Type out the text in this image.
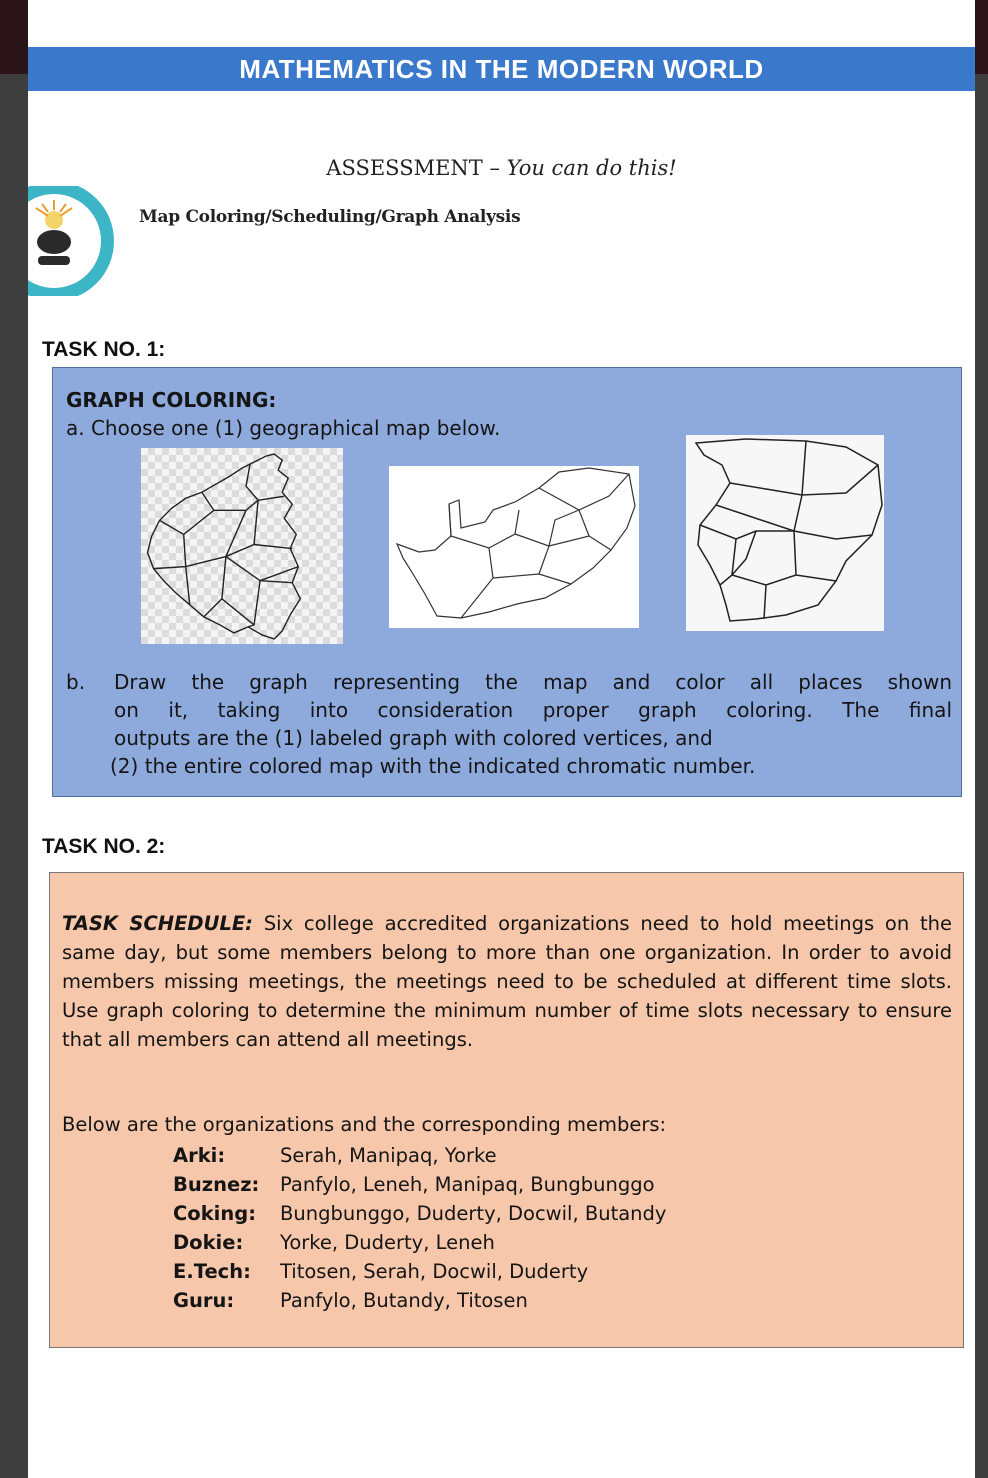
MATHEMATICS IN THE MODERN WORLD
ASSESSMENT – You can do this!
Map Coloring/Scheduling/Graph Analysis
TASK NO. 1:
GRAPH COLORING:
a. Choose one (1) geographical map below.
b. Draw the graph representing the map and color all places shown
on it, taking into consideration proper graph coloring. The final
outputs are the (1) labeled graph with colored vertices, and
(2) the entire colored map with the indicated chromatic number.
TASK NO. 2:
TASK SCHEDULE: Six college accredited organizations need to hold meetings on the same day, but some members belong to more than one organization. In order to avoid members missing meetings, the meetings need to be scheduled at different time slots. Use graph coloring to determine the minimum number of time slots necessary to ensure that all members can attend all meetings.
Below are the organizations and the corresponding members:
Arki:	Serah, Manipaq, Yorke
Buznez: Panfylo, Leneh, Manipaq, Bungbunggo
Coking: Bungbunggo, Duderty, Docwil, Butandy
Dokie: Yorke, Duderty, Leneh
E.Tech: Titosen, Serah, Docwil, Duderty
Guru: Panfylo, Butandy, Titosen
